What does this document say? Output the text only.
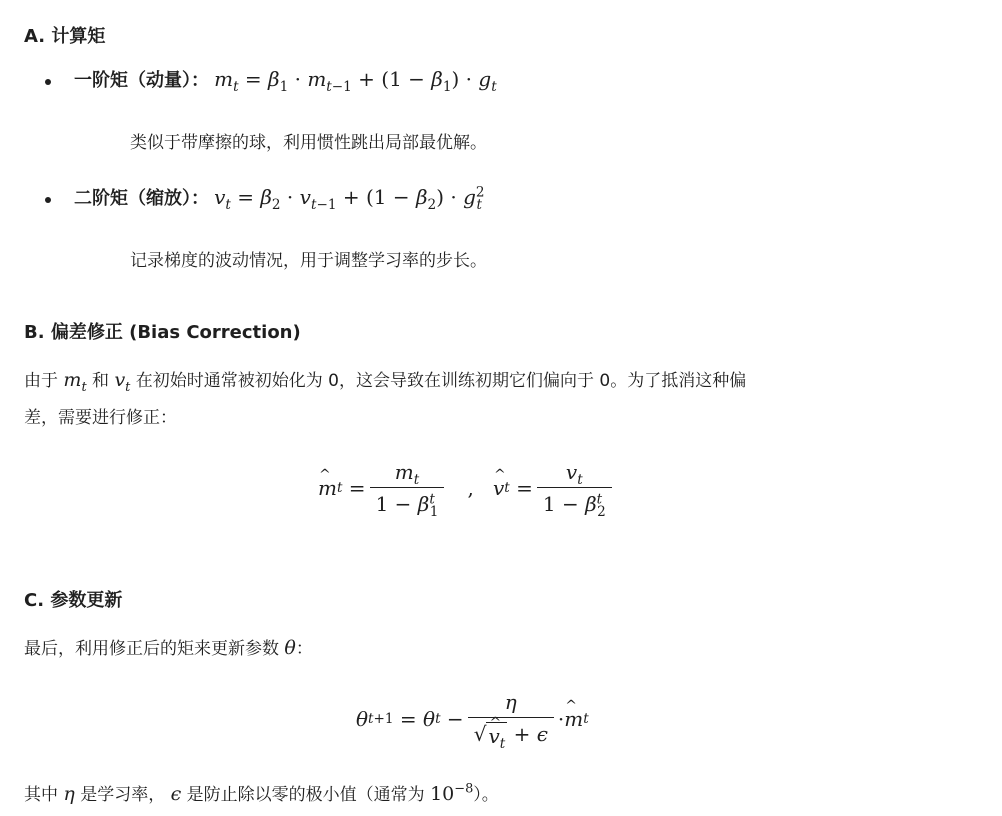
A. 计算矩
一阶矩（动量）： $m_t = \beta_1 \cdot m_{t-1} + (1 - \beta_1) \cdot g_t$
类似于带摩擦的球，利用惯性跳出局部最优解。
二阶矩（缩放）： $v_t = \beta_2 \cdot v_{t-1} + (1 - \beta_2) \cdot g^2_t$
记录梯度的波动情况，用于调整学习率的步长。
B. 偏差修正 (Bias Correction)
由于 $m_t$ 和 $v_t$ 在初始时通常被初始化为 0，这会导致在训练初期它们偏向于 0。为了抵消这种偏
差，需要进行修正：
^ m $t = \frac{m_t}{1 - \beta^t_1}$ ,
^ v $t = \frac{v_t}{1 - \beta^t_2}$
C. 参数更新
最后，利用修正后的矩来更新参数 θ：
θ t +1 = θ t − η
√
^ $v_t + \epsilon$ ·
^ m t
其中 η 是学习率， ϵ 是防止除以零的极小值（通常为 $10^{-8}$）。
